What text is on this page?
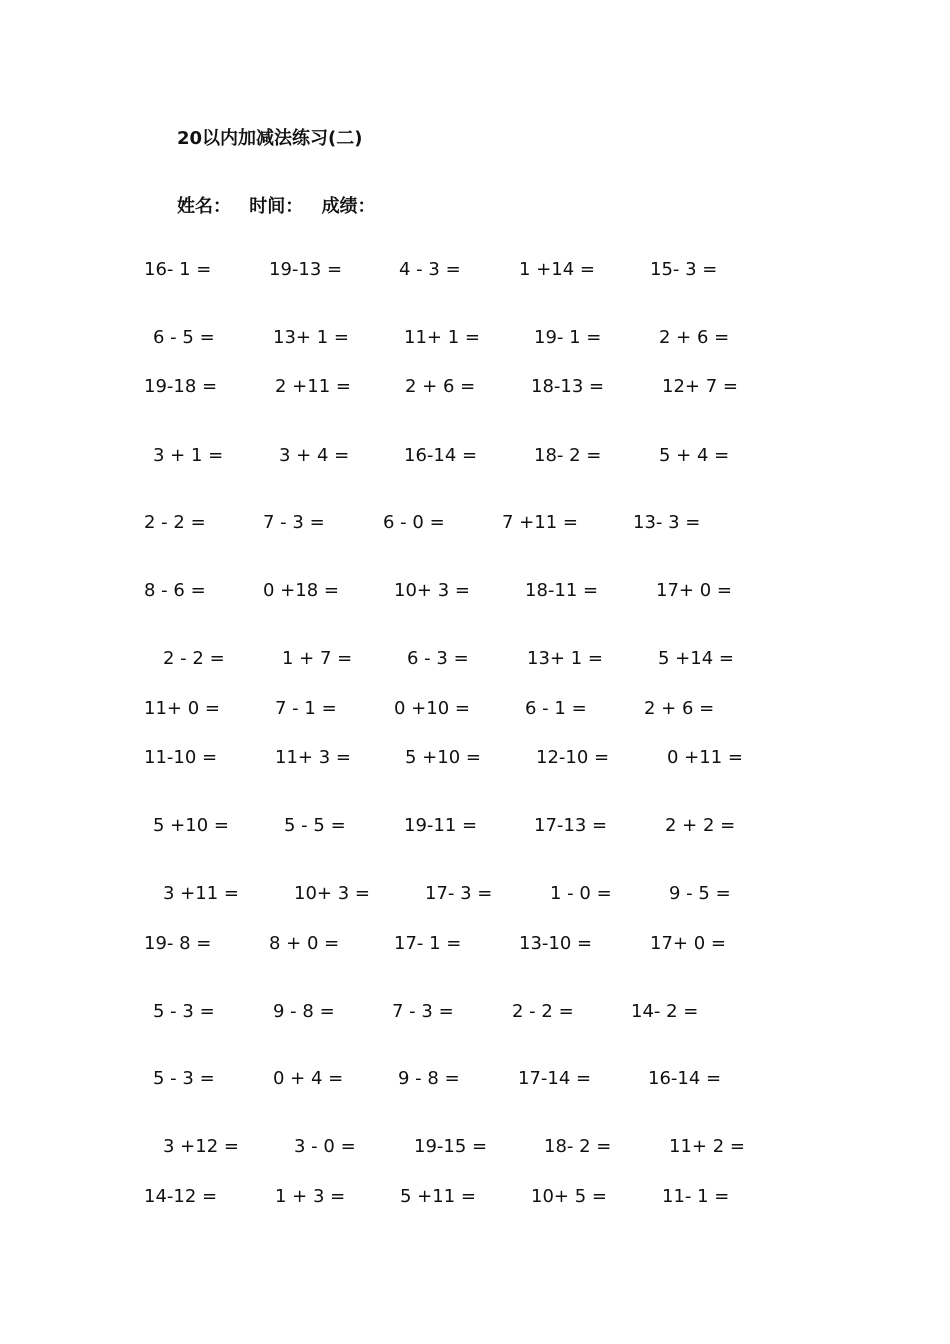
20以内加减法练习(二)
姓名： 时间： 成绩：
16- 1 =	19-13 =	4 - 3 =	1 +14 =	15- 3 =
6 - 5 =	13+ 1 =	11+ 1 =	19- 1 =	2 + 6 =
19-18 =	2 +11 =	2 + 6 =	18-13 =	12+ 7 =
3 + 1 =	3 + 4 =	16-14 =	18- 2 =	5 + 4 =
2 - 2 =	7 - 3 =	6 - 0 =	7 +11 =	13- 3 =
8 - 6 =	0 +18 =	10+ 3 =	18-11 =	17+ 0 =
2 - 2 =	1 + 7 =	6 - 3 =	13+ 1 =	5 +14 =
11+ 0 =	7 - 1 =	0 +10 =	6 - 1 =	2 + 6 =
11-10 =	11+ 3 =	5 +10 =	12-10 =	0 +11 =
5 +10 =	5 - 5 =	19-11 =	17-13 =	2 + 2 =
3 +11 =	10+ 3 =	17- 3 =	1 - 0 =	9 - 5 =
19- 8 =	8 + 0 =	17- 1 =	13-10 =	17+ 0 =
5 - 3 =	9 - 8 =	7 - 3 =	2 - 2 =	14- 2 =
5 - 3 =	0 + 4 =	9 - 8 =	17-14 =	16-14 =
3 +12 =	3 - 0 =	19-15 =	18- 2 =	11+ 2 =
14-12 =	1 + 3 =	5 +11 =	10+ 5 =	11- 1 =
